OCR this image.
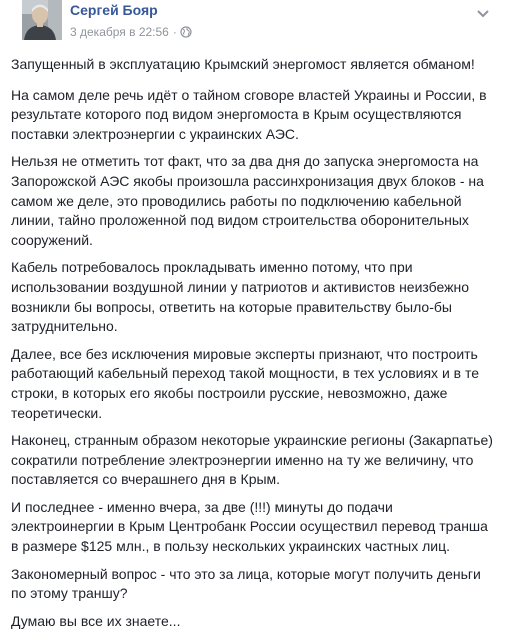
Сергей Бояр
3 декабря в 22:56 ·

Запущенный в эксплуатацию Крымский энергомост является обманом!

На самом деле речь идёт о тайном сговоре властей Украины и России, в результате которого под видом энергомоста в Крым осуществляются поставки электроэнергии с украинских АЭС.

Нельзя не отметить тот факт, что за два дня до запуска энергомоста на Запорожской АЭС якобы произошла рассинхронизация двух блоков - на самом же деле, это проводились работы по подключению кабельной линии, тайно проложенной под видом строительства оборонительных сооружений.

Кабель потребовалось прокладывать именно потому, что при использовании воздушной линии у патриотов и активистов неизбежно возникли бы вопросы, ответить на которые правительству было-бы затруднительно.

Далее, все без исключения мировые эксперты признают, что построить работающий кабельный переход такой мощности, в тех условиях и в те строки, в которых его якобы построили русские, невозможно, даже теоретически.

Наконец, странным образом некоторые украинские регионы (Закарпатье) сократили потребление электроэнергии именно на ту же величину, что поставляется со вчерашнего дня в Крым.

И последнее - именно вчера, за две (!!!) минуты до подачи электроинергии в Крым Центробанк России осуществил перевод транша в размере $125 млн., в пользу нескольких украинских частных лиц.

Закономерный вопрос - что это за лица, которые могут получить деньги по этому траншу?

Думаю вы все их знаете...
